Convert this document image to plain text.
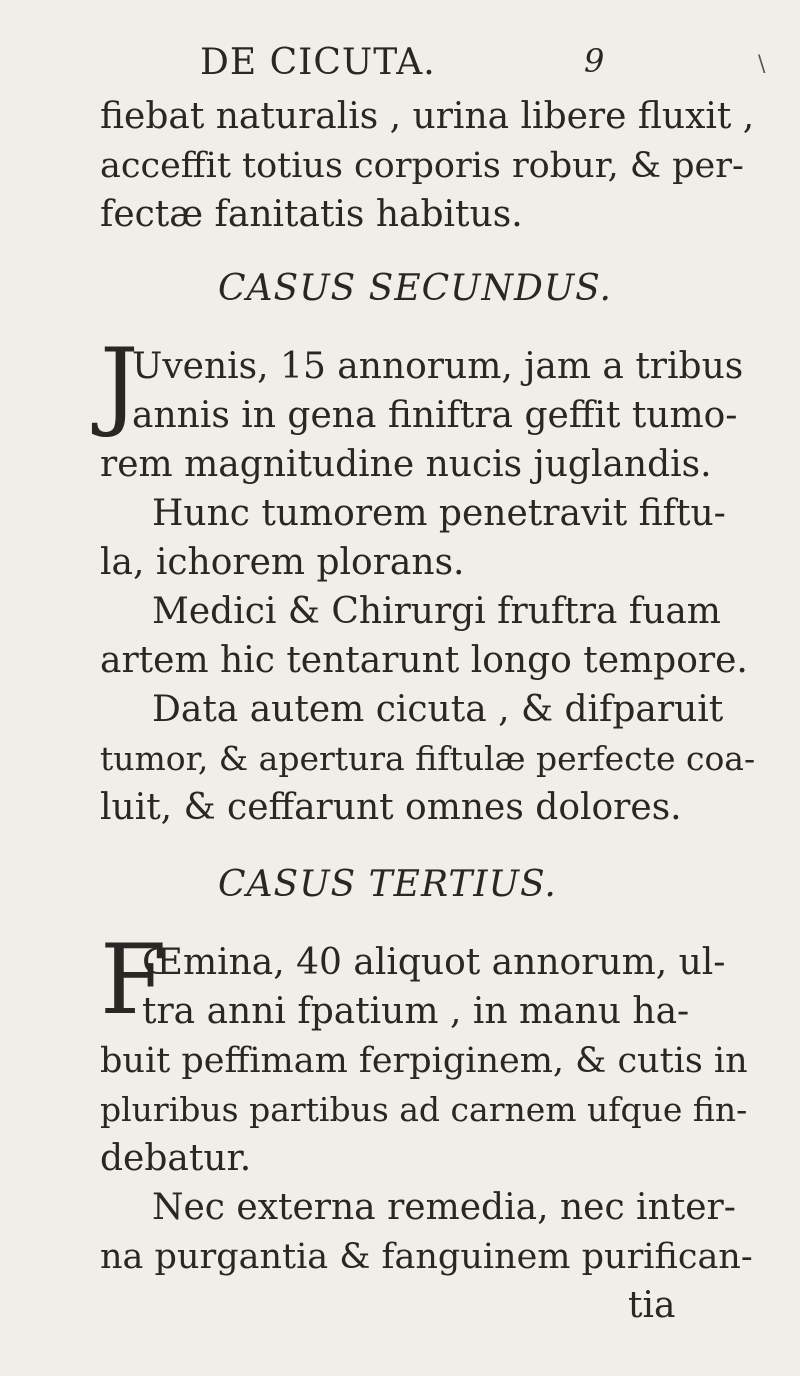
DE CICUTA.	9	\
fiebat naturalis , urina libere fluxit ,
acceffit totius corporis robur, & per-
fectæ fanitatis habitus.
CASUS SECUNDUS.
J
Uvenis, 15 annorum, jam a tribus
annis in gena finiftra geffit tumo-
rem magnitudine nucis juglandis.
Hunc tumorem penetravit fiftu-
la, ichorem plorans.
Medici & Chirurgi fruftra fuam
artem hic tentarunt longo tempore.
Data autem cicuta , & difparuit
tumor, & apertura fiftulæ perfecte coa-
luit, & ceffarunt omnes dolores.
CASUS TERTIUS.
F
Œmina, 40 aliquot annorum, ul-
tra anni fpatium , in manu ha-
buit peffimam ferpiginem, & cutis in
pluribus partibus ad carnem ufque fin-
debatur.
Nec externa remedia, nec inter-
na purgantia & fanguinem purifican-
tia
